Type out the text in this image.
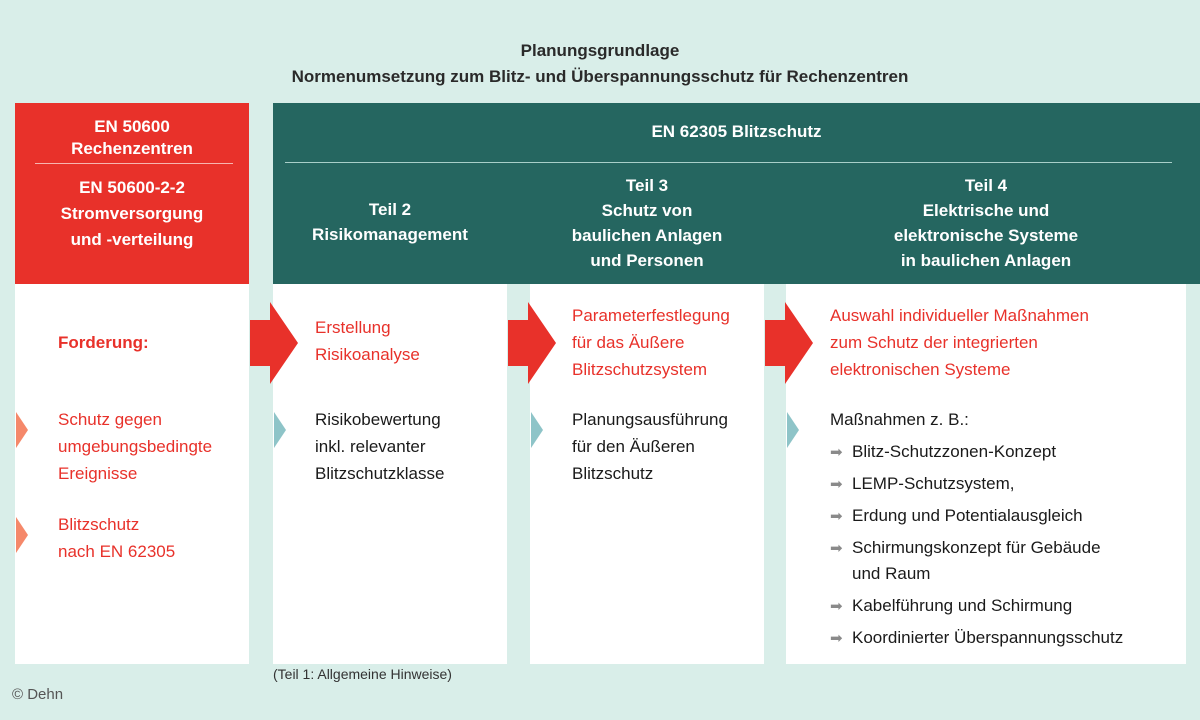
Planungsgrundlage
Normenumsetzung zum Blitz- und Überspannungsschutz für Rechenzentren
EN 50600
Rechenzentren
EN 50600-2-2
Stromversorgung
und -verteilung
EN 62305 Blitzschutz
Teil 2
Risikomanagement
Teil 3
Schutz von
baulichen Anlagen
und Personen
Teil 4
Elektrische und
elektronische Systeme
in baulichen Anlagen
Forderung:
Schutz gegen
umgebungsbedingte
Ereignisse
Blitzschutz
nach EN 62305
Erstellung
Risikoanalyse
Risikobewertung
inkl. relevanter
Blitzschutzklasse
Parameterfestlegung
für das Äußere
Blitzschutzsystem
Planungsausführung
für den Äußeren
Blitzschutz
Auswahl individueller Maßnahmen
zum Schutz der integrierten
elektronischen Systeme
Maßnahmen z. B.:
➡ Blitz-Schutzzonen-Konzept
➡ LEMP-Schutzsystem,
➡ Erdung und Potentialausgleich
➡ Schirmungskonzept für Gebäude
und Raum
➡ Kabelführung und Schirmung
➡ Koordinierter Überspannungsschutz
(Teil 1: Allgemeine Hinweise)
© Dehn
